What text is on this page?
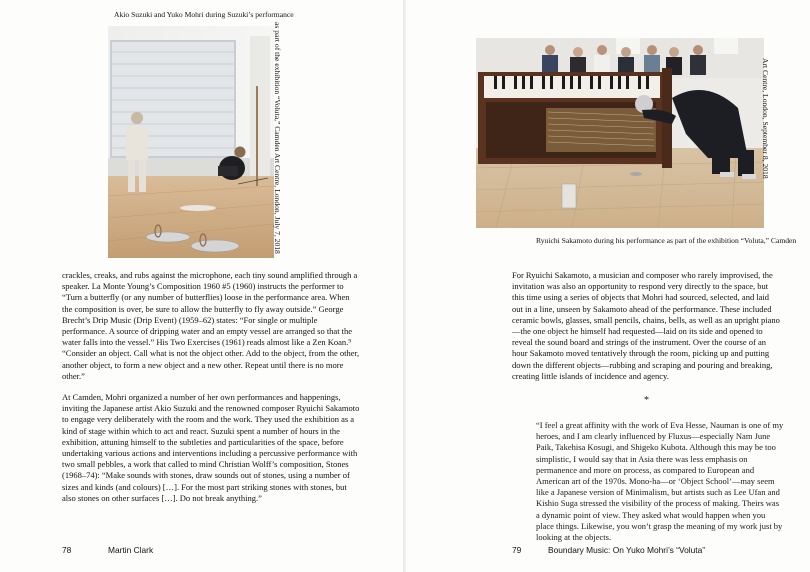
Akio Suzuki and Yuko Mohri during Suzuki’s performance
as part of the exhibition “Voluta,” Camden Art Centre, London, July 7, 2018

crackles, creaks, and rubs against the microphone, each tiny sound amplified through a speaker. La Monte Young’s Composition 1960 #5 (1960) instructs the performer to “Turn a butterfly (or any number of butterflies) loose in the performance area. When the composition is over, be sure to allow the butterfly to fly away outside.” George Brecht’s Drip Music (Drip Event) (1959–62) states: “For single or multiple performance. A source of dripping water and an empty vessel are arranged so that the water falls into the vessel.” His Two Exercises (1961) reads almost like a Zen Koan.⁹ “Consider an object. Call what is not the object other. Add to the object, from the other, another object, to form a new object and a new other. Repeat until there is no more other.”

At Camden, Mohri organized a number of her own performances and happenings, inviting the Japanese artist Akio Suzuki and the renowned composer Ryuichi Sakamoto to engage very deliberately with the room and the work. They used the exhibition as a kind of stage within which to act and react. Suzuki spent a number of hours in the exhibition, attuning himself to the subtleties and particularities of the space, before undertaking various actions and interventions including a percussive performance with two small pebbles, a work that called to mind Christian Wolff’s composition, Stones (1968–74): “Make sounds with stones, draw sounds out of stones, using a number of sizes and kinds (and colours) […]. For the most part striking stones with stones, but also stones on other surfaces […]. Do not break anything.”

78	Martin Clark
Art Centre, London, September 8, 2018
Ryuichi Sakamoto during his performance as part of the exhibition “Voluta,” Camden

For Ryuichi Sakamoto, a musician and composer who rarely improvised, the invitation was also an opportunity to respond very directly to the space, but this time using a series of objects that Mohri had sourced, selected, and laid out in a line, unseen by Sakamoto ahead of the performance. These included ceramic bowls, glasses, small pencils, chains, bells, as well as an upright piano—the one object he himself had requested—laid on its side and opened to reveal the sound board and strings of the instrument. Over the course of an hour Sakamoto moved tentatively through the room, picking up and putting down the different objects—rubbing and scraping and pouring and breaking, creating little islands of incidence and agency.

*
“I feel a great affinity with the work of Eva Hesse, Nauman is one of my heroes, and I am clearly influenced by Fluxus—especially Nam June Paik, Takehisa Kosugi, and Shigeko Kubota. Although this may be too simplistic, I would say that in Asia there was less emphasis on permanence and more on process, as compared to European and American art of the 1970s. Mono-ha—or ‘Object School’—may seem like a Japanese version of Minimalism, but artists such as Lee Ufan and Kishio Suga stressed the visibility of the process of making. Theirs was a dynamic point of view. They asked what would happen when you place things. Likewise, you won’t grasp the meaning of my work just by looking at the objects.
79	Boundary Music: On Yuko Mohri’s “Voluta”
